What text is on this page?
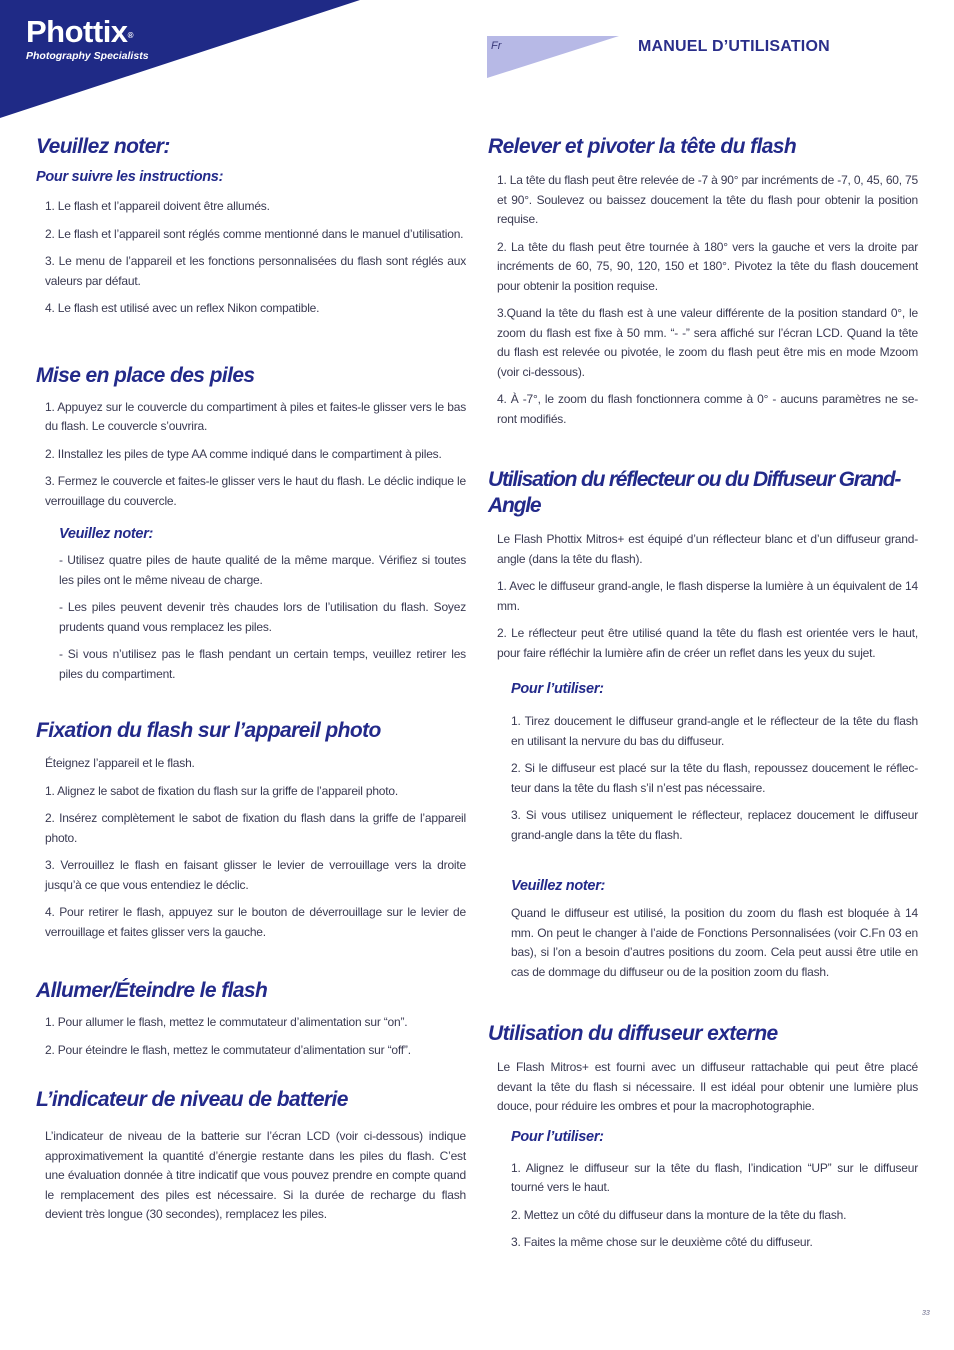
Phottix®
Photography Specialists
Fr	MANUEL D’UTILISATION
Veuillez noter:
Pour suivre les instructions:

1. Le flash et l’appareil doivent être allumés.

2. Le flash et l’appareil sont réglés comme mentionné dans le manuel d’utilisation.

3. Le menu de l’appareil et les fonctions personnalisées du flash sont réglés aux valeurs par défaut.

4. Le flash est utilisé avec un reflex Nikon compatible.

Mise en place des piles

1. Appuyez sur le couvercle du compartiment à piles et faites-le glisser vers le bas du flash. Le couvercle s’ouvrira.

2. IInstallez les piles de type AA comme indiqué dans le compartiment à piles.

3. Fermez le couvercle et faites-le glisser vers le haut du flash. Le déclic indique le verrouillage du couvercle.

Veuillez noter:

- Utilisez quatre piles de haute qualité de la même marque. Vérifiez si toutes les piles ont le même niveau de charge.

- Les piles peuvent devenir très chaudes lors de l’utilisation du flash. Soyez prudents quand vous remplacez les piles.

- Si vous n’utilisez pas le flash pendant un certain temps, veuillez retirer les piles du compartiment.

Fixation du flash sur l’appareil photo

Éteignez l’appareil et le flash.

1. Alignez le sabot de fixation du flash sur la griffe de l’appareil photo.

2. Insérez complètement le sabot de fixation du flash dans la griffe de l’appareil photo.

3. Verrouillez le flash en faisant glisser le levier de verrouillage vers la droite jusqu’à ce que vous entendiez le déclic.

4. Pour retirer le flash, appuyez sur le bouton de déverrouillage sur le levier de verrouillage et faites glisser vers la gauche.

Allumer/Éteindre le flash

1. Pour allumer le flash, mettez le commutateur d’alimentation sur “on”.

2. Pour éteindre le flash, mettez le commutateur d’alimentation sur “off”.

L’indicateur de niveau de batterie

L’indicateur de niveau de la batterie sur l’écran LCD (voir ci-dessous) indique approximativement la quantité d’énergie restante dans les piles du flash. C’est une évaluation donnée à titre indicatif que vous pouvez prendre en compte quand le remplacement des piles est nécessaire. Si la durée de recharge du flash devient très longue (30 secondes), remplacez les piles.

Relever et pivoter la tête du flash

1. La tête du flash peut être relevée de -7 à 90° par incréments de -7, 0, 45, 60, 75 et 90°. Soulevez ou baissez doucement la tête du flash pour obtenir la position requise.

2. La tête du flash peut être tournée à 180° vers la gauche et vers la droite par incréments de 60, 75, 90, 120, 150 et 180°. Pivotez la tête du flash doucement pour obtenir la position requise.

3.Quand la tête du flash est à une valeur différente de la position standard 0°, le zoom du flash est fixe à 50 mm. “- -” sera affiché sur l’écran LCD. Quand la tête du flash est relevée ou pivotée, le zoom du flash peut être mis en mode Mzoom (voir ci-dessous).

4. À -7°, le zoom du flash fonctionnera comme à 0° - aucuns paramètres ne se-ront modifiés.

Utilisation du réflecteur ou du Diffuseur Grand-Angle

Le Flash Phottix Mitros+ est équipé d’un réflecteur blanc et d’un diffuseur grand-angle (dans la tête du flash).

1. Avec le diffuseur grand-angle, le flash disperse la lumière à un équivalent de 14 mm.

2. Le réflecteur peut être utilisé quand la tête du flash est orientée vers le haut, pour faire réfléchir la lumière afin de créer un reflet dans les yeux du sujet.

Pour l’utiliser:

1. Tirez doucement le diffuseur grand-angle et le réflecteur de la tête du flash en utilisant la nervure du bas du diffuseur.

2. Si le diffuseur est placé sur la tête du flash, repoussez doucement le réflec-teur dans la tête du flash s’il n’est pas nécessaire.

3. Si vous utilisez uniquement le réflecteur, replacez doucement le diffuseur grand-angle dans la tête du flash.

Veuillez noter:

Quand le diffuseur est utilisé, la position du zoom du flash est bloquée à 14 mm. On peut le changer à l’aide de Fonctions Personnalisées (voir C.Fn 03 en bas), si l’on a besoin d’autres positions du zoom. Cela peut aussi être utile en cas de dommage du diffuseur ou de la position zoom du flash.

Utilisation du diffuseur externe

Le Flash Mitros+ est fourni avec un diffuseur rattachable qui peut être placé devant la tête du flash si nécessaire. Il est idéal pour obtenir une lumière plus douce, pour réduire les ombres et pour la macrophotographie.

Pour l’utiliser:

1. Alignez le diffuseur sur la tête du flash, l’indication “UP” sur le diffuseur tourné vers le haut.

2. Mettez un côté du diffuseur dans la monture de la tête du flash.

3. Faites la même chose sur le deuxième côté du diffuseur.

33
